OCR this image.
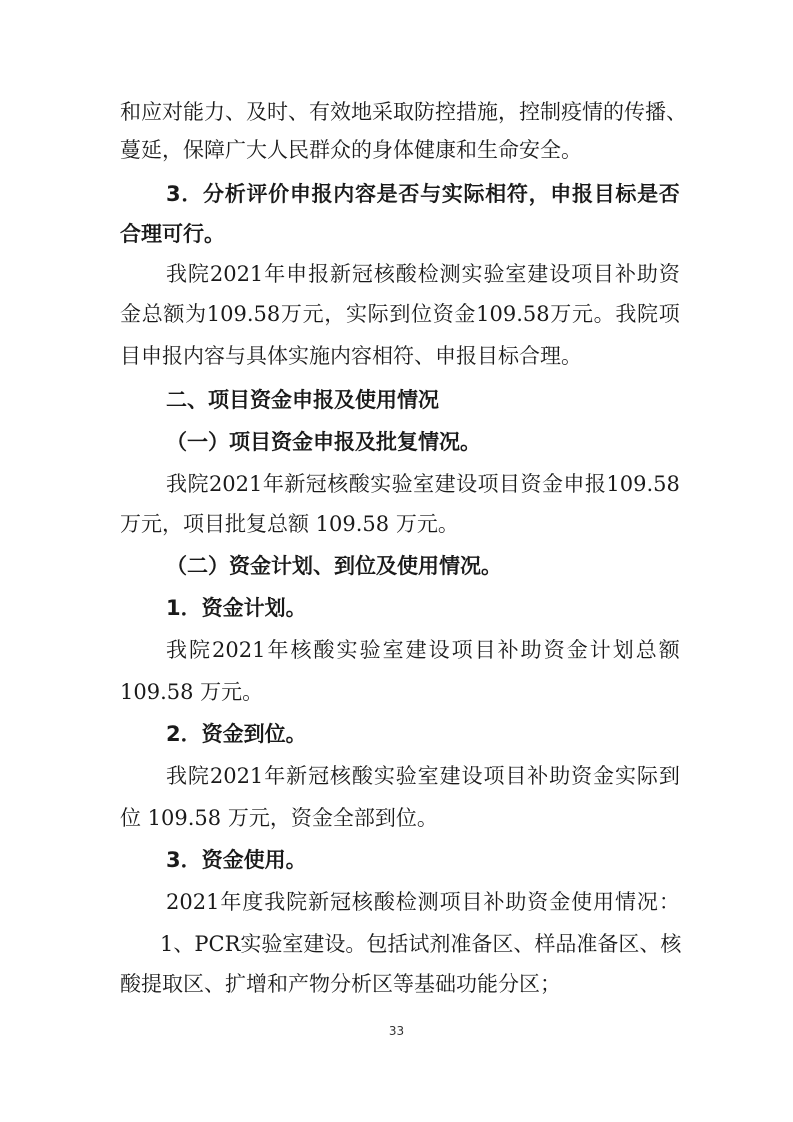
和 应 对 能 力 、 及 时 、 有 效 地 采 取 防 控 措 施 ， 控 制 疫 情 的 传 播 、
蔓延，保障广大人民群众的身体健康和生命安全。
3 ． 分 析 评 价 申 报 内 容 是 否 与 实 际 相 符 ， 申 报 目 标 是 否
合理可行。
我 院 2021 年 申 报 新 冠 核 酸 检 测 实 验 室 建 设 项 目 补 助 资
金 总 额 为 109.58 万 元 ， 实 际 到 位 资 金 109.58 万 元 。 我 院 项
目申报内容与具体实施内容相符、申报目标合理。
二、项目资金申报及使用情况
（一）项目资金申报及批复情况。
我 院 2021 年 新 冠 核 酸 实 验 室 建 设 项 目 资 金 申 报 109.58
万元，项目批复总额 109.58 万元。
（二）资金计划、到位及使用情况。
1．资金计划。
我 院 2021 年 核 酸 实 验 室 建 设 项 目 补 助 资 金 计 划 总 额
109.58 万元。
2．资金到位。
我 院 2021 年 新 冠 核 酸 实 验 室 建 设 项 目 补 助 资 金 实 际 到
位 109.58 万元，资金全部到位。
3．资金使用。
2021 年 度 我 院 新 冠 核 酸 检 测 项 目 补 助 资 金 使 用 情 况 ：
1 、 PCR 实 验 室 建 设 。 包 括 试 剂 准 备 区 、 样 品 准 备 区 、 核
酸提取区、扩增和产物分析区等基础功能分区；
33
